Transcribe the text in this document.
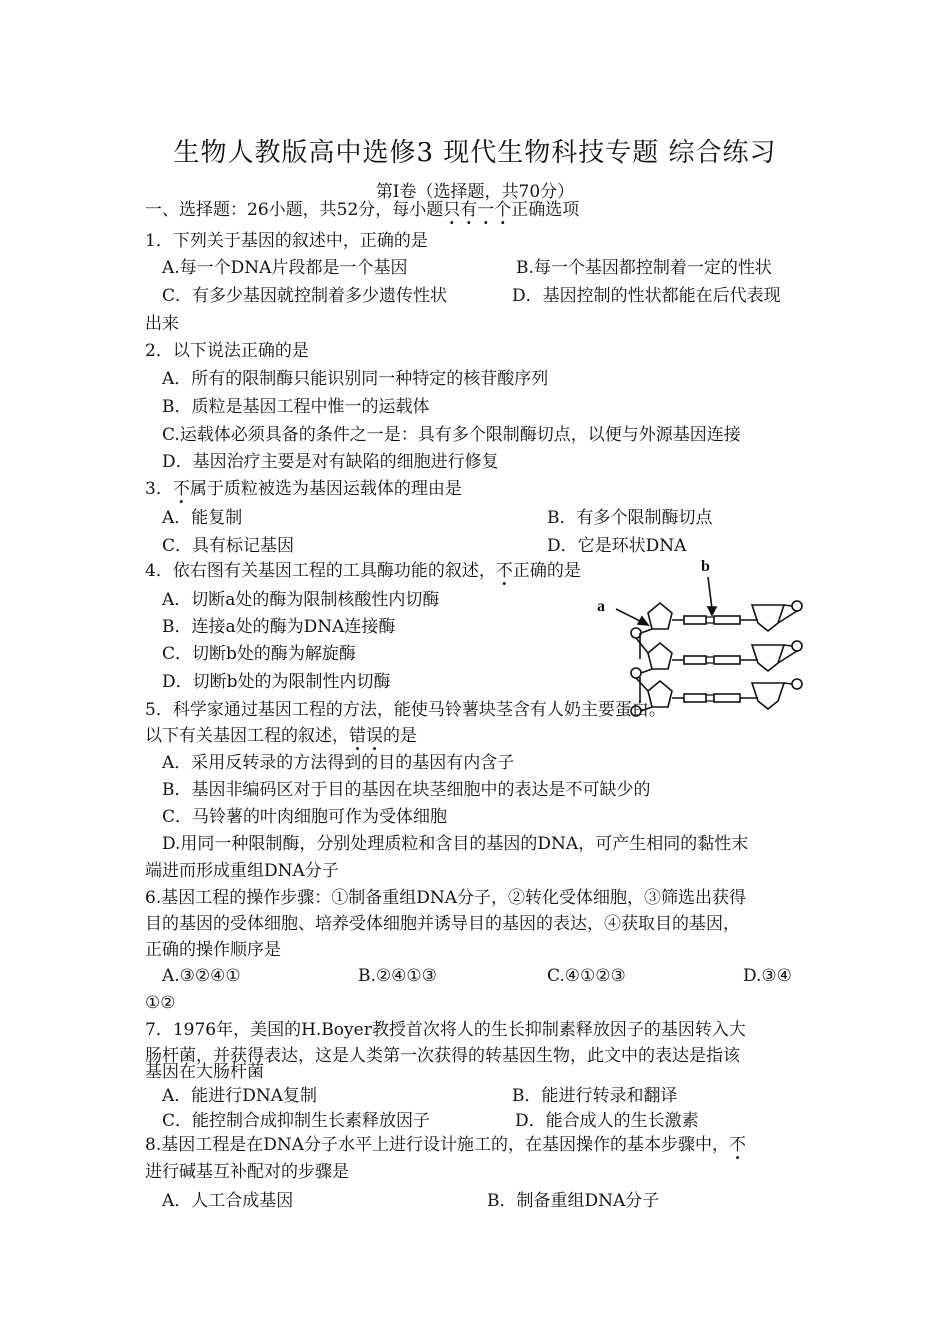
生物人教版高中选修3 现代生物科技专题 综合练习
第Ⅰ卷（选择题，共70分）
一、选择题：26小题，共52分，每小题只有一个正确选项
1．下列关于基因的叙述中，正确的是
A.每一个DNA片段都是一个基因	B.每一个基因都控制着一定的性状
C．有多少基因就控制着多少遗传性状	D．基因控制的性状都能在后代表现
出来
2．以下说法正确的是
A．所有的限制酶只能识别同一种特定的核苷酸序列
B．质粒是基因工程中惟一的运载体
C.运载体必须具备的条件之一是：具有多个限制酶切点，以便与外源基因连接
D．基因治疗主要是对有缺陷的细胞进行修复
3．不属于质粒被选为基因运载体的理由是
A．能复制	B．有多个限制酶切点
C．具有标记基因	D．它是环状DNA
4．依右图有关基因工程的工具酶功能的叙述，不正确的是
A．切断a处的酶为限制核酸性内切酶
B．连接a处的酶为DNA连接酶
C．切断b处的酶为解旋酶
D．切断b处的为限制性内切酶
a
b
5．科学家通过基因工程的方法，能使马铃薯块茎含有人奶主要蛋白。
以下有关基因工程的叙述，错误的是
A．采用反转录的方法得到的目的基因有内含子
B．基因非编码区对于目的基因在块茎细胞中的表达是不可缺少的
C．马铃薯的叶肉细胞可作为受体细胞
D.用同一种限制酶，分别处理质粒和含目的基因的DNA，可产生相同的黏性末
端进而形成重组DNA分子
6.基因工程的操作步骤：①制备重组DNA分子，②转化受体细胞，③筛选出获得
目的基因的受体细胞、培养受体细胞并诱导目的基因的表达，④获取目的基因，
正确的操作顺序是
A.③②④①	B.②④①③	C.④①②③	D.③④
①②
7．1976年，美国的H.Boyer教授首次将人的生长抑制素释放因子的基因转入大
肠杆菌，并获得表达，这是人类第一次获得的转基因生物，此文中的表达是指该
基因在大肠杆菌
A．能进行DNA复制	B．能进行转录和翻译
C．能控制合成抑制生长素释放因子	D．能合成人的生长激素
8.基因工程是在DNA分子水平上进行设计施工的，在基因操作的基本步骤中，不
进行碱基互补配对的步骤是
A．人工合成基因	B．制备重组DNA分子
